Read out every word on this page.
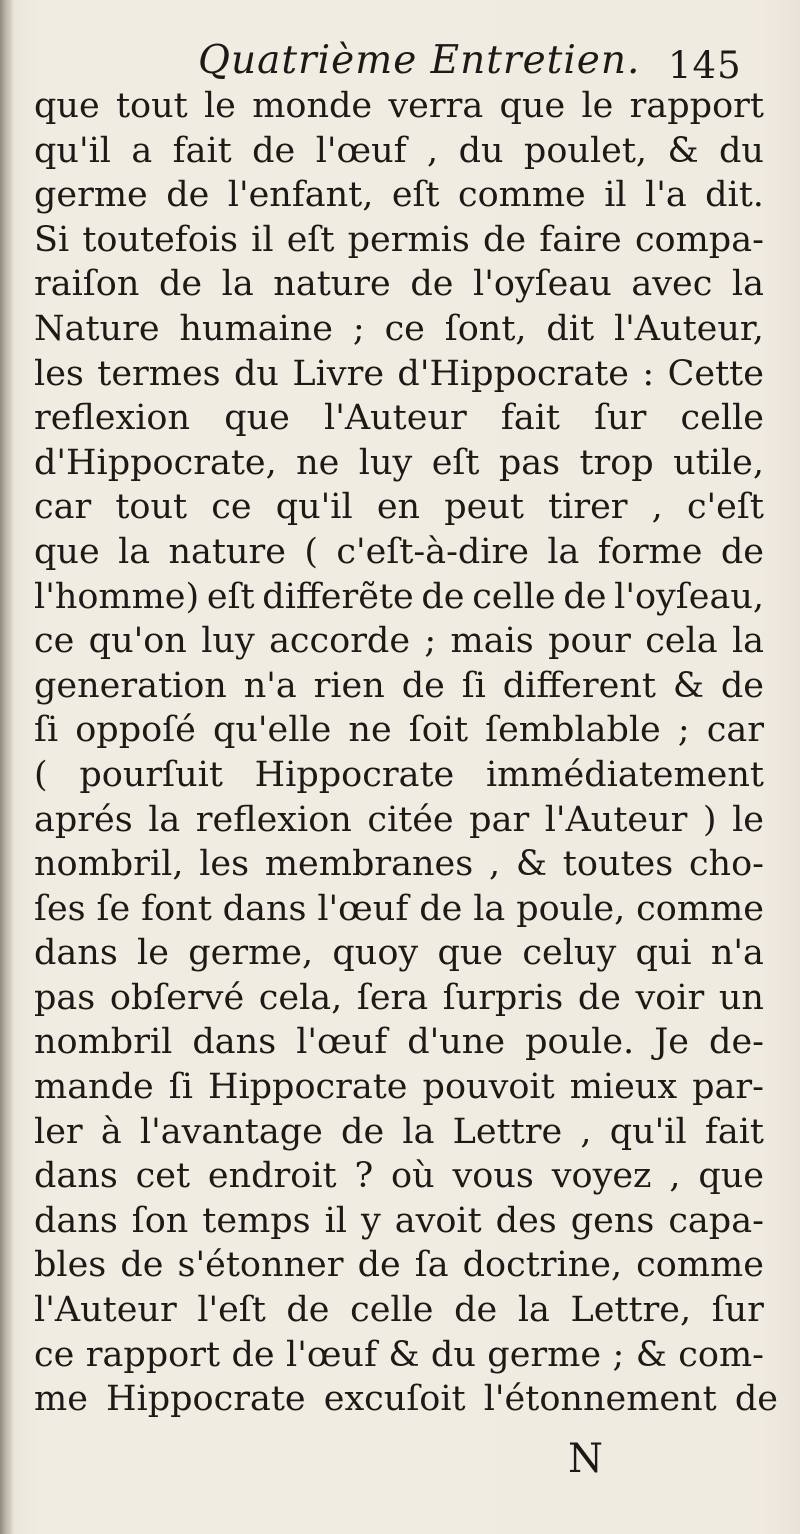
Quatrième Entretien. 145
que tout le monde verra que le rapport
qu'il a fait de l'œuf , du poulet, & du
germe de l'enfant, eſt comme il l'a dit.
Si toutefois il eſt permis de faire compa-
raiſon de la nature de l'oyſeau avec la
Nature humaine ; ce ſont, dit l'Auteur,
les termes du Livre d'Hippocrate : Cette
reflexion que l'Auteur fait ſur celle
d'Hippocrate, ne luy eſt pas trop utile,
car tout ce qu'il en peut tirer , c'eſt
que la nature ( c'eſt-à-dire la forme de
l'homme) eſt differẽte de celle de l'oyſeau,
ce qu'on luy accorde ; mais pour cela la
generation n'a rien de ſi different & de
ſi oppoſé qu'elle ne ſoit ſemblable ; car
( pourſuit Hippocrate immédiatement
aprés la reflexion citée par l'Auteur ) le
nombril, les membranes , & toutes cho-
ſes ſe font dans l'œuf de la poule, comme
dans le germe, quoy que celuy qui n'a
pas obſervé cela, ſera ſurpris de voir un
nombril dans l'œuf d'une poule. Je de-
mande ſi Hippocrate pouvoit mieux par-
ler à l'avantage de la Lettre , qu'il fait
dans cet endroit ? où vous voyez , que
dans ſon temps il y avoit des gens capa-
bles de s'étonner de ſa doctrine, comme
l'Auteur l'eſt de celle de la Lettre, ſur
ce rapport de l'œuf & du germe ; & com-
me Hippocrate excuſoit l'étonnement de
N
